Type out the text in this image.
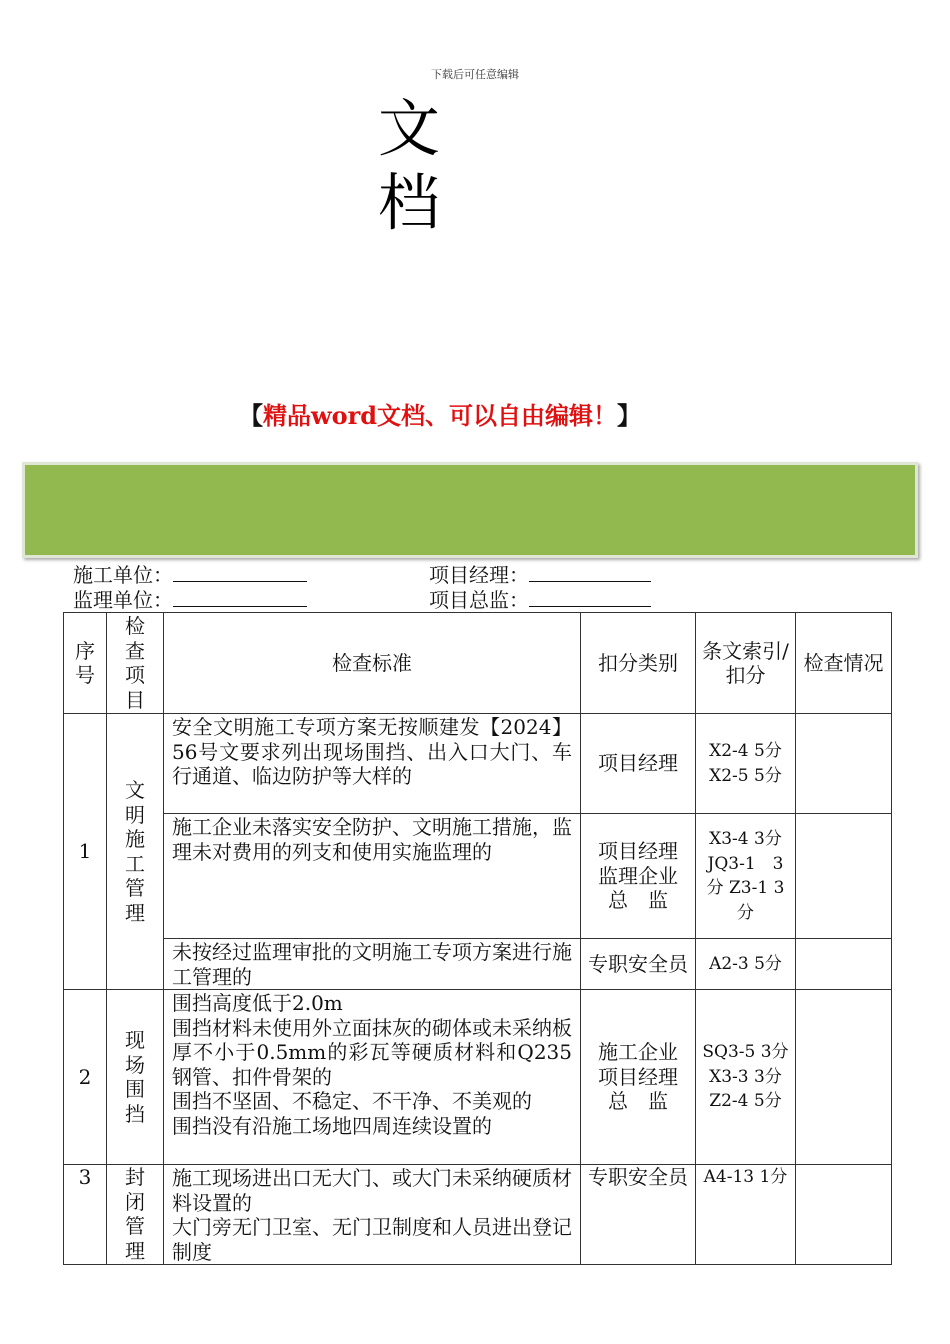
下载后可任意编辑
文
档
【精品word文档、可以自由编辑！】
施工单位：	项目经理：
监理单位：	项目总监：
序号	检查项目	检查标准	扣分类别	条文索引/扣分	检查情况
1	文明施工管理	安全文明施工专项方案无按顺建发【2024】56号文要求列出现场围挡、出入口大门、车行通道、临边防护等大样的	项目经理	X2-4 5分 X2-5 5分	
		施工企业未落实安全防护、文明施工措施，监理未对费用的列支和使用实施监理的	项目经理 监理企业 总　监	X3-4 3分 JQ3-1　3分 Z3-1 3分	
		未按经过监理审批的文明施工专项方案进行施工管理的	专职安全员	A2-3 5分	
2	现场围挡	围挡高度低于2.0m
围挡材料未使用外立面抹灰的砌体或未采纳板厚不小于0.5mm的彩瓦等硬质材料和Q235钢管、扣件骨架的
围挡不坚固、不稳定、不干净、不美观的
围挡没有沿施工场地四周连续设置的	施工企业 项目经理 总　监	SQ3-5 3分 X3-3 3分 Z2-4 5分	
3	封闭管理	施工现场进出口无大门、或大门未采纳硬质材料设置的
大门旁无门卫室、无门卫制度和人员进出登记制度	专职安全员	A4-13 1分	
